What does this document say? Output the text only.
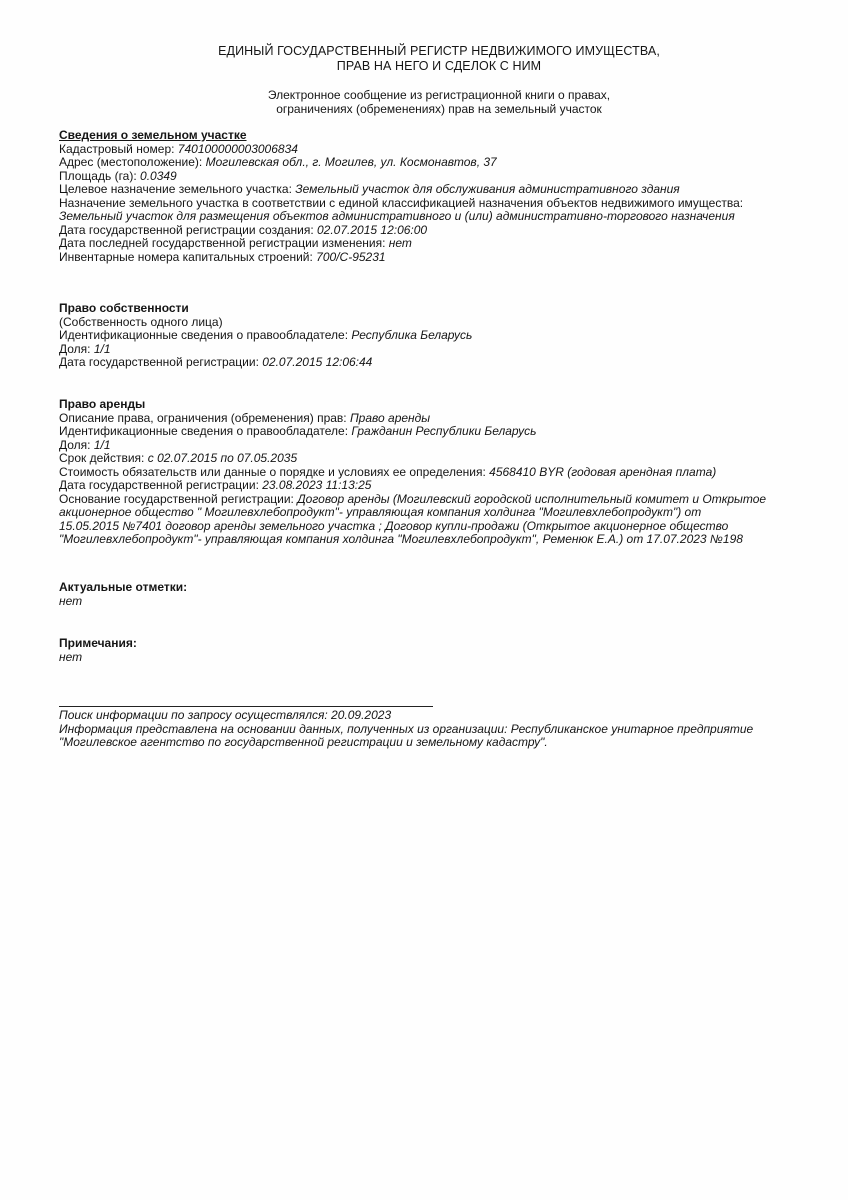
ЕДИНЫЙ ГОСУДАРСТВЕННЫЙ РЕГИСТР НЕДВИЖИМОГО ИМУЩЕСТВА,
ПРАВ НА НЕГО И СДЕЛОК С НИМ
Электронное сообщение из регистрационной книги о правах,
ограничениях (обременениях) прав на земельный участок
Сведения о земельном участке
Кадастровый номер: 740100000003006834
Адрес (местоположение): Могилевская обл., г. Могилев, ул. Космонавтов, 37
Площадь (га): 0.0349
Целевое назначение земельного участка: Земельный участок для обслуживания административного здания
Назначение земельного участка в соответствии с единой классификацией назначения объектов недвижимого имущества:
Земельный участок для размещения объектов административного и (или) административно-торгового назначения
Дата государственной регистрации создания: 02.07.2015 12:06:00
Дата последней государственной регистрации изменения: нет
Инвентарные номера капитальных строений: 700/С-95231
Право собственности
(Собственность одного лица)
Идентификационные сведения о правообладателе: Республика Беларусь
Доля: 1/1
Дата государственной регистрации: 02.07.2015 12:06:44
Право аренды
Описание права, ограничения (обременения) прав: Право аренды
Идентификационные сведения о правообладателе: Гражданин Республики Беларусь
Доля: 1/1
Срок действия: с 02.07.2015 по 07.05.2035
Стоимость обязательств или данные о порядке и условиях ее определения: 4568410 BYR (годовая арендная плата)
Дата государственной регистрации: 23.08.2023 11:13:25
Основание государственной регистрации: Договор аренды (Могилевский городской исполнительный комитет и Открытое
акционерное общество " Могилевхлебопродукт"- управляющая компания холдинга "Могилевхлебопродукт") от
15.05.2015 №7401 договор аренды земельного участка ; Договор купли-продажи (Открытое акционерное общество
"Могилевхлебопродукт"- управляющая компания холдинга "Могилевхлебопродукт", Ременюк Е.А.) от 17.07.2023 №198
Актуальные отметки:
нет
Примечания:
нет
Поиск информации по запросу осуществлялся: 20.09.2023
Информация представлена на основании данных, полученных из организации: Республиканское унитарное предприятие
"Могилевское агентство по государственной регистрации и земельному кадастру".
